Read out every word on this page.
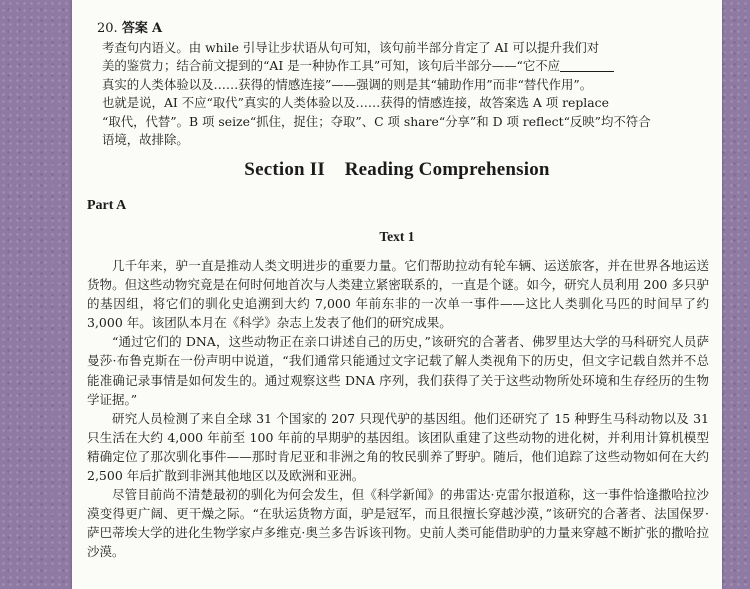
20. 答案 A

考查句内语义。由 while 引导让步状语从句可知，该句前半部分肯定了 AI 可以提升我们对

美的鉴赏力；结合前文提到的“AI 是一种协作工具”可知，该句后半部分——“它不应

真实的人类体验以及……获得的情感连接”——强调的则是其“辅助作用”而非“替代作用”。

也就是说，AI 不应“取代”真实的人类体验以及……获得的情感连接，故答案选 A 项 replace

“取代，代替”。B 项 seize“抓住，捉住；夺取”、C 项 share“分享”和 D 项 reflect“反映”均不符合

语境，故排除。

Section II    Reading Comprehension
Part A
Text 1

几千年来，驴一直是推动人类文明进步的重要力量。它们帮助拉动有轮车辆、运送旅客，并在世界各地运送货物。但这些动物究竟是在何时何地首次与人类建立紧密联系的，一直是个谜。如今，研究人员利用 200 多只驴的基因组，将它们的驯化史追溯到大约 7,000 年前东非的一次单一事件——这比人类驯化马匹的时间早了约 3,000 年。该团队本月在《科学》杂志上发表了他们的研究成果。

“通过它们的 DNA，这些动物正在亲口讲述自己的历史，”该研究的合著者、佛罗里达大学的马科研究人员萨曼莎·布鲁克斯在一份声明中说道，“我们通常只能通过文字记载了解人类视角下的历史，但文字记载自然并不总能准确记录事情是如何发生的。通过观察这些 DNA 序列，我们获得了关于这些动物所处环境和生存经历的生物学证据。”

研究人员检测了来自全球 31 个国家的 207 只现代驴的基因组。他们还研究了 15 种野生马科动物以及 31 只生活在大约 4,000 年前至 100 年前的早期驴的基因组。该团队重建了这些动物的进化树，并利用计算机模型精确定位了那次驯化事件——那时肯尼亚和非洲之角的牧民驯养了野驴。随后，他们追踪了这些动物如何在大约 2,500 年后扩散到非洲其他地区以及欧洲和亚洲。

尽管目前尚不清楚最初的驯化为何会发生，但《科学新闻》的弗雷达·克雷尔报道称，这一事件恰逢撒哈拉沙漠变得更广阔、更干燥之际。“在驮运货物方面，驴是冠军，而且很擅长穿越沙漠，”该研究的合著者、法国保罗·萨巴蒂埃大学的进化生物学家卢多维克·奥兰多告诉该刊物。史前人类可能借助驴的力量来穿越不断扩张的撒哈拉沙漠。
